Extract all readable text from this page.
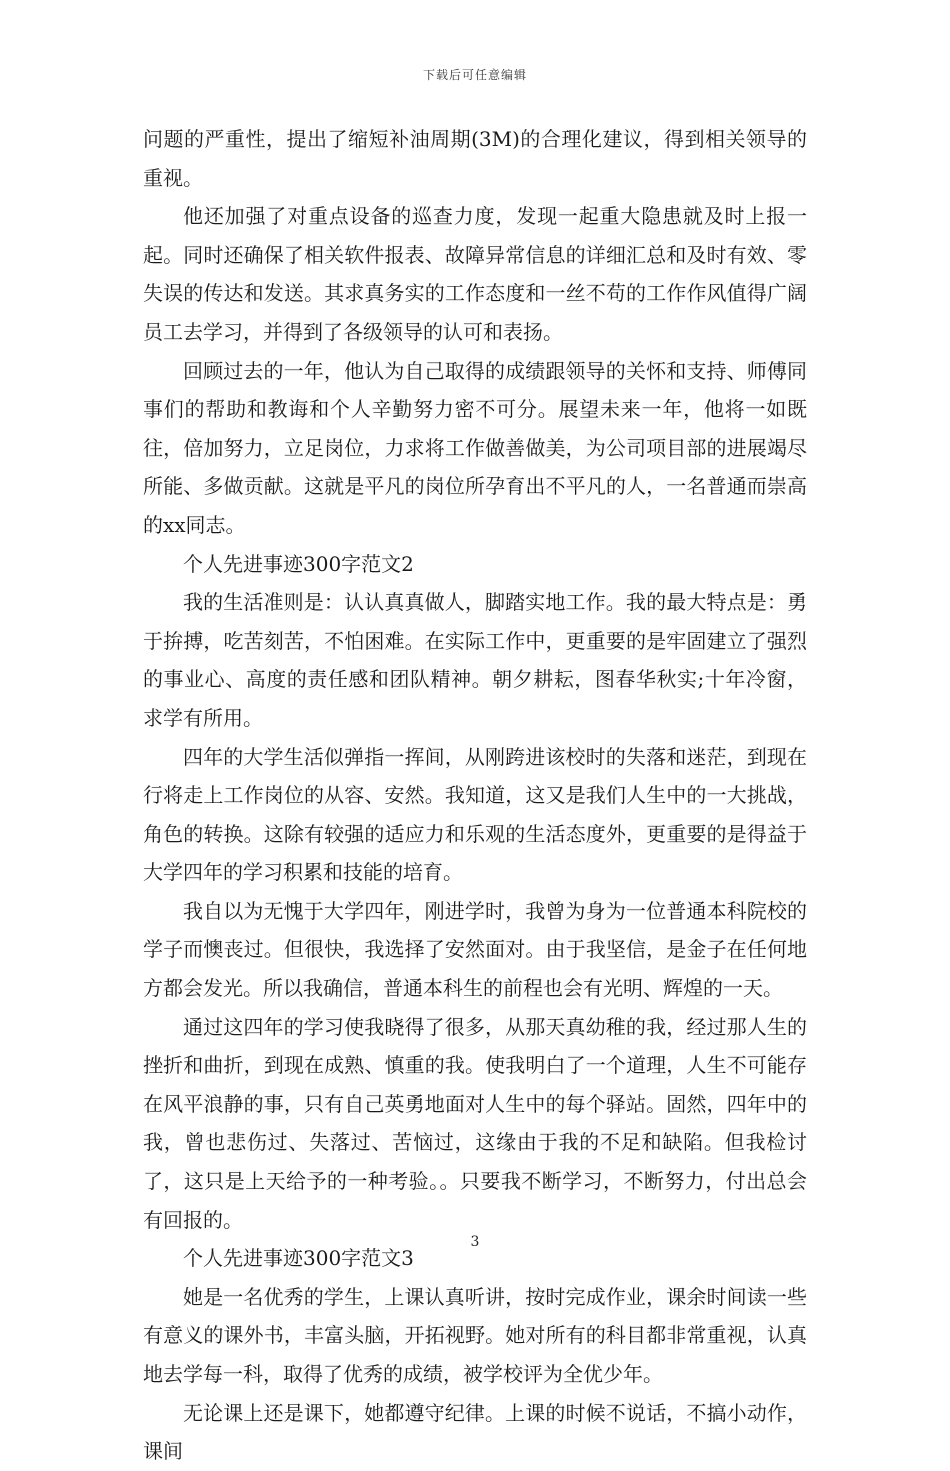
下载后可任意编辑

问题的严重性，提出了缩短补油周期(3M)的合理化建议，得到相关领导的重视。

他还加强了对重点设备的巡查力度，发现一起重大隐患就及时上报一起。同时还确保了相关软件报表、故障异常信息的详细汇总和及时有效、零失误的传达和发送。其求真务实的工作态度和一丝不苟的工作作风值得广阔员工去学习，并得到了各级领导的认可和表扬。

回顾过去的一年，他认为自己取得的成绩跟领导的关怀和支持、师傅同事们的帮助和教诲和个人辛勤努力密不可分。展望未来一年，他将一如既往，倍加努力，立足岗位，力求将工作做善做美，为公司项目部的进展竭尽所能、多做贡献。这就是平凡的岗位所孕育出不平凡的人，一名普通而崇高的xx同志。

个人先进事迹300字范文2

我的生活准则是：认认真真做人，脚踏实地工作。我的最大特点是：勇于拚搏，吃苦刻苦，不怕困难。在实际工作中，更重要的是牢固建立了强烈的事业心、高度的责任感和团队精神。朝夕耕耘，图春华秋实;十年冷窗，求学有所用。

四年的大学生活似弹指一挥间，从刚跨进该校时的失落和迷茫，到现在行将走上工作岗位的从容、安然。我知道，这又是我们人生中的一大挑战，角色的转换。这除有较强的适应力和乐观的生活态度外，更重要的是得益于大学四年的学习积累和技能的培育。

我自以为无愧于大学四年，刚进学时，我曾为身为一位普通本科院校的学子而懊丧过。但很快，我选择了安然面对。由于我坚信，是金子在任何地方都会发光。所以我确信，普通本科生的前程也会有光明、辉煌的一天。

通过这四年的学习使我晓得了很多，从那天真幼稚的我，经过那人生的挫折和曲折，到现在成熟、慎重的我。使我明白了一个道理，人生不可能存在风平浪静的事，只有自己英勇地面对人生中的每个驿站。固然，四年中的我，曾也悲伤过、失落过、苦恼过，这缘由于我的不足和缺陷。但我检讨了，这只是上天给予的一种考验。。只要我不断学习，不断努力，付出总会有回报的。

个人先进事迹300字范文3

她是一名优秀的学生，上课认真听讲，按时完成作业，课余时间读一些有意义的课外书，丰富头脑，开拓视野。她对所有的科目都非常重视，认真地去学每一科，取得了优秀的成绩，被学校评为全优少年。

无论课上还是课下，她都遵守纪律。上课的时候不说话，不搞小动作，课间

3
